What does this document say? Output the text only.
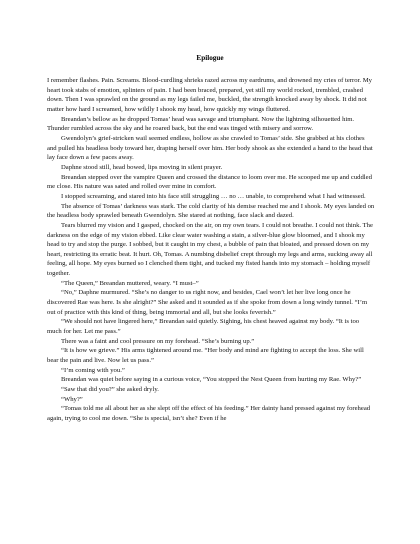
Epilogue

I remember flashes. Pain. Screams. Blood-curdling shrieks razed across my eardrums, and drowned my cries of terror. My heart took stabs of emotion, splinters of pain. I had been braced, prepared, yet still my world rocked, trembled, crashed down. Then I was sprawled on the ground as my legs failed me, buckled, the strength knocked away by shock. It did not matter how hard I screamed, how wildly I shook my head, how quickly my wings fluttered.

Breandan’s bellow as he dropped Tomas’ head was savage and triumphant. Now the lightning silhouetted him. Thunder rumbled across the sky and he roared back, but the end was tinged with misery and sorrow.

Gwendolyn’s grief-stricken wail seemed endless, hollow as she crawled to Tomas’ side. She grabbed at his clothes and pulled his headless body toward her, draping herself over him. Her body shook as she extended a hand to the head that lay face down a few paces away.

Daphne stood still, head bowed, lips moving in silent prayer.

Breandan stepped over the vampire Queen and crossed the distance to loom over me. He scooped me up and cuddled me close. His nature was sated and rolled over mine in comfort.

I stopped screaming, and stared into his face still struggling … no … unable, to comprehend what I had witnessed.

The absence of Tomas’ darkness was stark. The cold clarity of his demise reached me and I shook. My eyes landed on the headless body sprawled beneath Gwendolyn. She stared at nothing, face slack and dazed.

Tears blurred my vision and I gasped, chocked on the air, on my own tears. I could not breathe. I could not think. The darkness on the edge of my vision ebbed. Like clear water washing a stain, a silver-blue glow bloomed, and I shook my head to try and stop the purge. I sobbed, but it caught in my chest, a bubble of pain that bloated, and pressed down on my heart, restricting its erratic beat. It hurt. Oh, Tomas. A numbing disbelief crept through my legs and arms, sucking away all feeling, all hope. My eyes burned so I clenched them tight, and tucked my fisted hands into my stomach – holding myself together.

“The Queen,” Breandan muttered, weary. “I must–”

“No,” Daphne murmured. “She’s no danger to us right now, and besides, Cael won’t let her live long once he discovered Rae was here. Is she alright?” She asked and it sounded as if she spoke from down a long windy tunnel. “I’m out of practice with this kind of thing, being immortal and all, but she looks feverish.”

“We should not have lingered here,” Breandan said quietly. Sighing, his chest heaved against my body. “It is too much for her. Let me pass.”

There was a faint and cool pressure on my forehead. “She’s burning up.”

“It is how we grieve.” His arms tightened around me. “Her body and mind are fighting to accept the loss. She will bear the pain and live. Now let us pass.”

“I’m coming with you.”

Breandan was quiet before saying in a curious voice, “You stopped the Nest Queen from hurting my Rae. Why?”

“Saw that did you?” she asked dryly.

“Why?”

“Tomas told me all about her as she slept off the effect of his feeding.” Her dainty hand pressed against my forehead again, trying to cool me down. “She is special, isn’t she? Even if he
